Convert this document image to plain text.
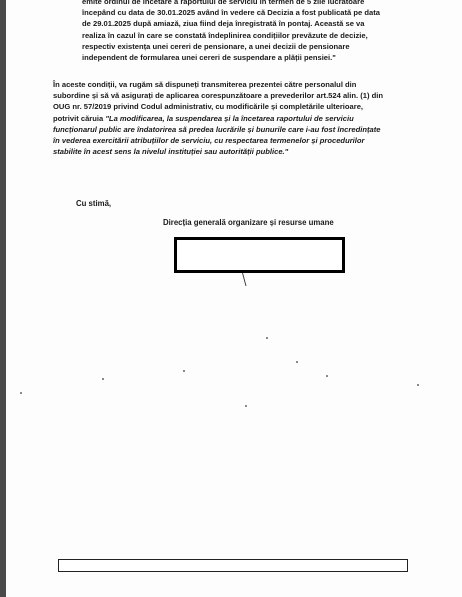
emite ordinul de încetare a raportului de serviciu în termen de 5 zile lucrătoare
începând cu data de 30.01.2025 având în vedere că Decizia a fost publicată pe data
de 29.01.2025 după amiază, ziua fiind deja înregistrată în pontaj. Această se va
realiza în cazul în care se constată îndeplinirea condițiilor prevăzute de decizie,
respectiv existența unei cereri de pensionare, a unei decizii de pensionare
independent de formularea unei cereri de suspendare a plății pensiei."
În aceste condiții, va rugăm să dispuneți transmiterea prezentei către personalul din
subordine și să vă asigurați de aplicarea corespunzătoare a prevederilor art.524 alin. (1) din
OUG nr. 57/2019 privind Codul administrativ, cu modificările și completările ulterioare,
potrivit căruia "La modificarea, la suspendarea și la încetarea raportului de serviciu
funcționarul public are îndatorirea să predea lucrările și bunurile care i-au fost încredințate
în vederea exercitării atribuțiilor de serviciu, cu respectarea termenelor și procedurilor
stabilite în acest sens la nivelul instituției sau autorității publice."
Cu stimă,
Direcția generală organizare și resurse umane
